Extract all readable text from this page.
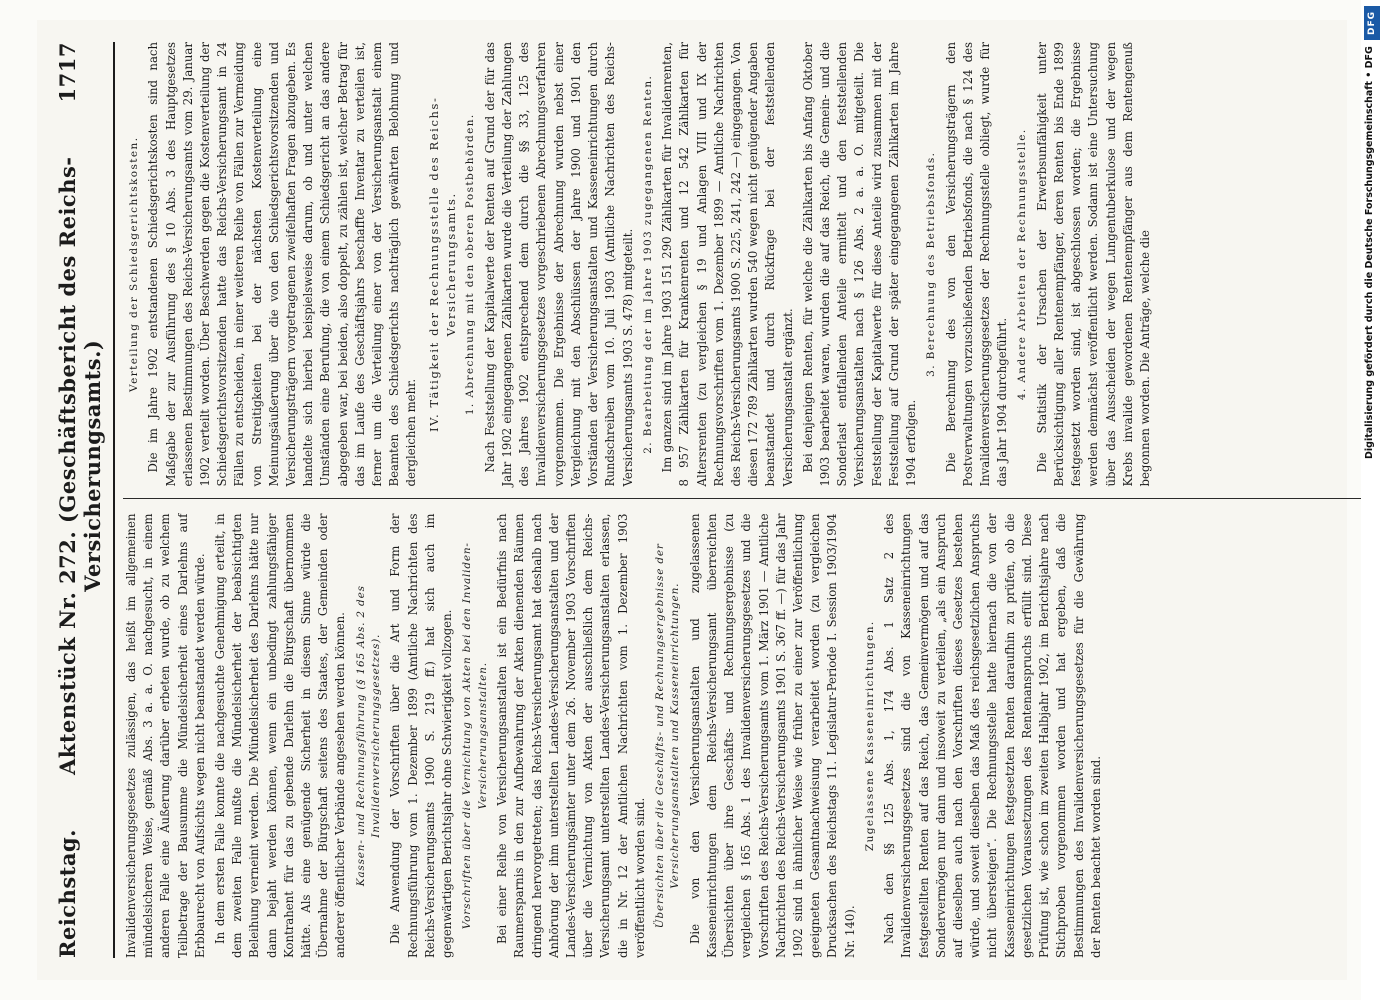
Reichstag.
Aktenstück Nr. 272. (Geschäftsbericht des Reichs-Versicherungsamts.)
1717

Invalidenversicherungsgesetzes zulässigen, das heißt im allgemeinen mündelsicheren Weise, gemäß Abs. 3 a. a. O. nachgesucht, in einem anderen Falle eine Äußerung darüber erbeten wurde, ob zu welchem Teilbetrage der Bausumme die Mündelsicherheit eines Darlehns auf Erbbaurecht von Aufsichts wegen nicht beanstandet werden würde. In dem ersten Falle konnte die nachgesuchte Genehmigung erteilt, in dem zweiten Falle mußte die Mündelsicherheit der beabsichtigten Beleihung verneint werden. Die Mündelsicherheit des Darlehns hätte nur dann bejaht werden können, wenn ein unbedingt zahlungsfähiger Kontrahent für das zu gebende Darlehn die Bürgschaft übernommen hätte. Als eine genügende Sicherheit in diesem Sinne würde die Übernahme der Bürgschaft seitens des Staates, der Gemeinden oder anderer öffentlicher Verbände angesehen werden können. Kassen- und Rechnungsführung (§ 165 Abs. 2 des Invalidenversicherungsgesetzes). Die Anwendung der Vorschriften über die Art und Form der Rechnungsführung vom 1. Dezember 1899 (Amtliche Nachrichten des Reichs-Versicherungsamts 1900 S. 219 ff.) hat sich auch im gegenwärtigen Berichtsjahr ohne Schwierigkeit vollzogen. Vorschriften über die Vernichtung von Akten bei den Invaliden-Versicherungsanstalten. Bei einer Reihe von Versicherungsanstalten ist ein Bedürfnis nach Raumersparnis in den zur Aufbewahrung der Akten dienenden Räumen dringend hervorgetreten; das Reichs-Versicherungsamt hat deshalb nach Anhörung der ihm unterstellten Landes-Versicherungsanstalten und der Landes-Versicherungsämter unter dem 26. November 1903 Vorschriften über die Vernichtung von Akten der ausschließlich dem Reichs-Versicherungsamt unterstellten Landes-Versicherungsanstalten erlassen, die in Nr. 12 der Amtlichen Nachrichten vom 1. Dezember 1903 veröffentlicht worden sind. Übersichten über die Geschäfts- und Rechnungsergebnisse der Versicherungsanstalten und Kasseneinrichtungen. Die von den Versicherungsanstalten und zugelassenen Kasseneinrichtungen dem Reichs-Versicherungsamt überreichten Übersichten über ihre Geschäfts- und Rechnungsergebnisse (zu vergleichen § 165 Abs. 1 des Invalidenversicherungsgesetzes und die Vorschriften des Reichs-Versicherungsamts vom 1. März 1901 — Amtliche Nachrichten des Reichs-Versicherungsamts 1901 S. 367 ff. —) für das Jahr 1902 sind in ähnlicher Weise wie früher zu einer zur Veröffentlichung geeigneten Gesamtnachweisung verarbeitet worden (zu vergleichen Drucksachen des Reichstags 11. Legislatur-Periode I. Session 1903/1904 Nr. 140).

Zugelassene Kasseneinrichtungen. Nach den §§ 125 Abs. 1, 174 Abs. 1 Satz 2 des Invalidenversicherungsgesetzes sind die von Kasseneinrichtungen festgestellten Renten auf das Reich, das Gemeinvermögen und auf das Sondervermögen nur dann und insoweit zu verteilen, „als ein Anspruch auf dieselben auch nach den Vorschriften dieses Gesetzes bestehen würde, und soweit dieselben das Maß des reichsgesetzlichen Anspruchs nicht übersteigen“. Die Rechnungsstelle hatte hiernach die von der Kasseneinrichtungen festgesetzten Renten daraufhin zu prüfen, ob die gesetzlichen Voraussetzungen des Rentenanspruchs erfüllt sind. Diese Prüfung ist, wie schon im zweiten Halbjahr 1902, im Berichtsjahre nach Stichproben vorgenommen worden und hat ergeben, daß die Bestimmungen des Invalidenversicherungsgesetzes für die Gewährung der Renten beachtet worden sind.

Verteilung der Schiedsgerichtskosten. Die im Jahre 1902 entstandenen Schiedsgerichtskosten sind nach Maßgabe der zur Ausführung des § 10 Abs. 3 des Hauptgesetzes erlassenen Bestimmungen des Reichs-Versicherungsamts vom 29. Januar 1902 verteilt worden. Über Beschwerden gegen die Kostenverteilung der Schiedsgerichtsvorsitzenden hatte das Reichs-Versicherungsamt in 24 Fällen zu entscheiden, in einer weiteren Reihe von Fällen zur Vermeidung von Streitigkeiten bei der nächsten Kostenverteilung eine Meinungsäußerung über die von den Schiedsgerichtsvorsitzenden und Versicherungsträgern vorgetragenen zweifelhaften Fragen abzugeben. Es handelte sich hierbei beispielsweise darum, ob und unter welchen Umständen eine Berufung, die von einem Schiedsgericht an das andere abgegeben war, bei beiden, also doppelt, zu zählen ist, welcher Betrag für das im Laufe des Geschäftsjahrs beschaffte Inventar zu verteilen ist, ferner um die Verteilung einer von der Versicherungsanstalt einem Beamten des Schiedsgerichts nachträglich gewährten Belohnung und dergleichen mehr.

IV. Tätigkeit der Rechnungsstelle des Reichs-Versicherungsamts. 1. Abrechnung mit den oberen Postbehörden. Nach Feststellung der Kapitalwerte der Renten auf Grund der für das Jahr 1902 eingegangenen Zählkarten wurde die Verteilung der Zahlungen des Jahres 1902 entsprechend dem durch die §§ 33, 125 des Invalidenversicherungsgesetzes vorgeschriebenen Abrechnungsverfahren vorgenommen. Die Ergebnisse der Abrechnung wurden nebst einer Vergleichung mit den Abschlüssen der Jahre 1900 und 1901 den Vorständen der Versicherungsanstalten und Kasseneinrichtungen durch Rundschreiben vom 10. Juli 1903 (Amtliche Nachrichten des Reichs-Versicherungsamts 1903 S. 478) mitgeteilt. 2. Bearbeitung der im Jahre 1903 zugegangenen Renten. Im ganzen sind im Jahre 1903 151 290 Zählkarten für Invalidenrenten, 8 957 Zählkarten für Krankenrenten und 12 542 Zählkarten für Altersrenten (zu vergleichen § 19 und Anlagen VIII und IX der Rechnungsvorschriften vom 1. Dezember 1899 — Amtliche Nachrichten des Reichs-Versicherungsamts 1900 S. 225, 241, 242 —) eingegangen. Von diesen 172 789 Zählkarten wurden 540 wegen nicht genügender Angaben beanstandet und durch Rückfrage bei der feststellenden Versicherungsanstalt ergänzt. Bei denjenigen Renten, für welche die Zählkarten bis Anfang Oktober 1903 bearbeitet waren, wurden die auf das Reich, die Gemein- und die Sonderlast entfallenden Anteile ermittelt und den feststellenden Versicherungsanstalten nach § 126 Abs. 2 a. a. O. mitgeteilt. Die Feststellung der Kapitalwerte für diese Anteile wird zusammen mit der Feststellung auf Grund der später eingegangenen Zählkarten im Jahre 1904 erfolgen.

3. Berechnung des Betriebsfonds. Die Berechnung des von den Versicherungsträgern den Postverwaltungen vorzuschießenden Betriebsfonds, die nach § 124 des Invalidenversicherungsgesetzes der Rechnungsstelle obliegt, wurde für das Jahr 1904 durchgeführt.

4. Andere Arbeiten der Rechnungsstelle. Die Statistik der Ursachen der Erwerbsunfähigkeit unter Berücksichtigung aller Rentenempfänger, deren Renten bis Ende 1899 festgesetzt worden sind, ist abgeschlossen worden; die Ergebnisse werden demnächst veröffentlicht werden. Sodann ist eine Untersuchung über das Ausscheiden der wegen Lungentuberkulose und der wegen Krebs invalide gewordenen Rentenempfänger aus dem Rentengenuß begonnen worden. Die Anträge, welche die

DFG
Digitalisierung gefördert durch die Deutsche Forschungsgemeinschaft • DFG
